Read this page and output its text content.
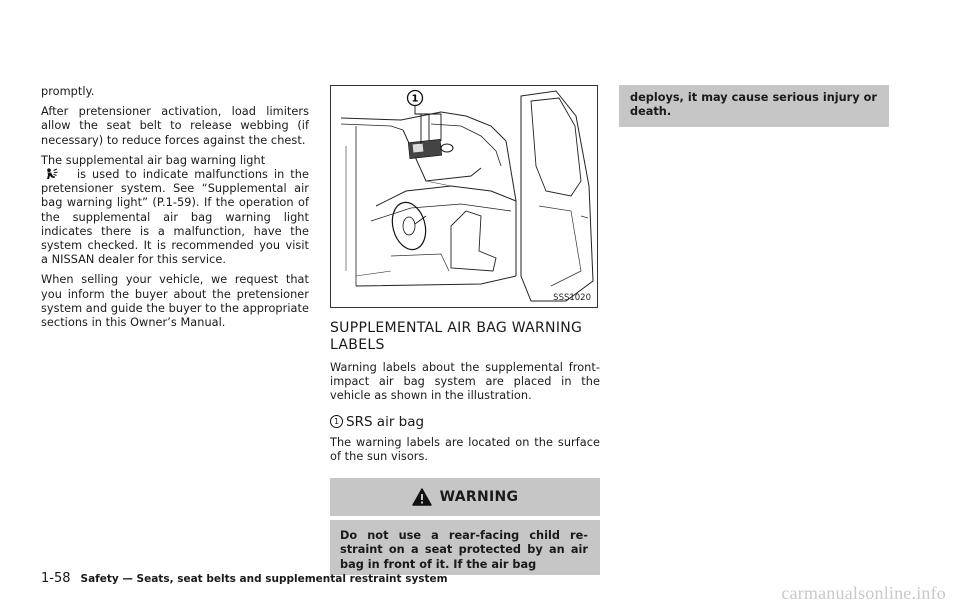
promptly.

After pretensioner activation, load limiters allow the seat belt to release webbing (if necessary) to reduce forces against the chest.

The supplemental air bag warning light
is used to indicate malfunctions in the pretensioner system. See “Supplemental air bag warning light” (P.1-59). If the operation of the supplemental air bag warning light indicates there is a malfunction, have the system checked. It is recommended you visit a NISSAN dealer for this service.

When selling your vehicle, we request that you inform the buyer about the pretensioner system and guide the buyer to the appropriate sections in this Owner’s Manual.

1
SSS1020
SUPPLEMENTAL AIR BAG WARNING LABELS

Warning labels about the supplemental front-impact air bag system are placed in the vehicle as shown in the illustration.

1 SRS air bag

The warning labels are located on the surface of the sun visors.

WARNING

Do not use a rear-facing child restraint on a seat protected by an air bag in front of it. If the air bag

deploys, it may cause serious injury or death.

1-58 Safety — Seats, seat belts and supplemental restraint system
carmanualsonline.info
